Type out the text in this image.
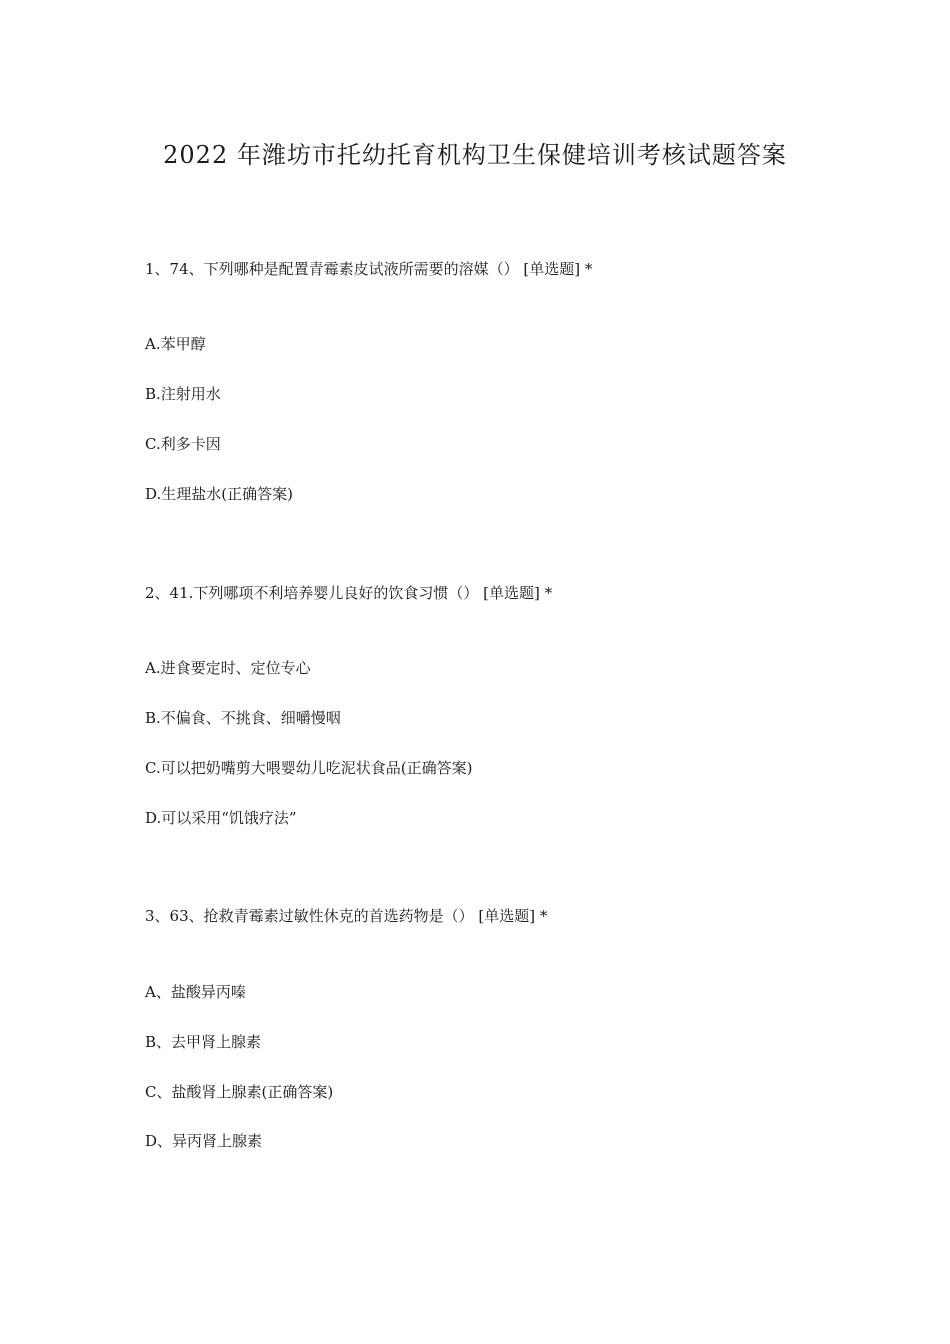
2022 年潍坊市托幼托育机构卫生保健培训考核试题答案
1、74、下列哪种是配置青霉素皮试液所需要的溶媒（） [单选题] *
A.苯甲醇
B.注射用水
C.利多卡因
D.生理盐水(正确答案)
2、41.下列哪项不利培养婴儿良好的饮食习惯（） [单选题] *
A.进食要定时、定位专心
B.不偏食、不挑食、细嚼慢咽
C.可以把奶嘴剪大喂婴幼儿吃泥状食品(正确答案)
D.可以采用“饥饿疗法”
3、63、抢救青霉素过敏性休克的首选药物是（） [单选题] *
A、盐酸异丙嗪
B、去甲肾上腺素
C、盐酸肾上腺素(正确答案)
D、异丙肾上腺素
